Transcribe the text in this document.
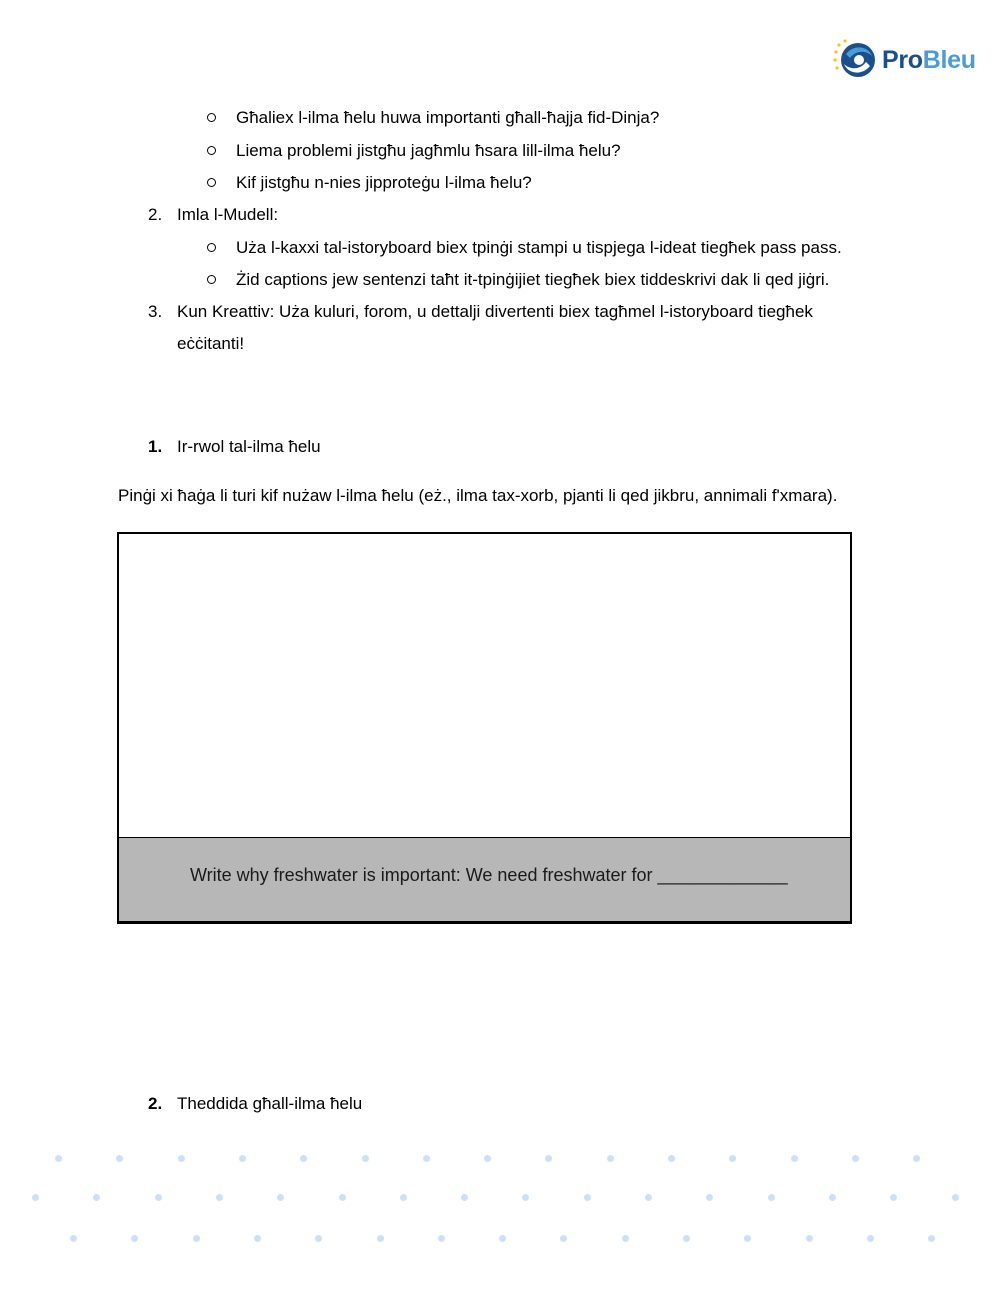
ProBleu
Għaliex l-ilma ħelu huwa importanti għall-ħajja fid-Dinja?
Liema problemi jistgħu jagħmlu ħsara lill-ilma ħelu?
Kif jistgħu n-nies jipproteġu l-ilma ħelu?
2. Imla l-Mudell:
Uża l-kaxxi tal-istoryboard biex tpinġi stampi u tispjega l-ideat tiegħek pass pass.
Żid captions jew sentenzi taħt it-tpinġijiet tiegħek biex tiddeskrivi dak li qed jiġri.
3. Kun Kreattiv: Uża kuluri, forom, u dettalji divertenti biex tagħmel l-istoryboard tiegħek
eċċitanti!
1. Ir-rwol tal-ilma ħelu
Pinġi xi ħaġa li turi kif nużaw l-ilma ħelu (eż., ilma tax-xorb, pjanti li qed jikbru, annimali f'xmara).
Write why freshwater is important: We need freshwater for _____________
2. Theddida għall-ilma ħelu
